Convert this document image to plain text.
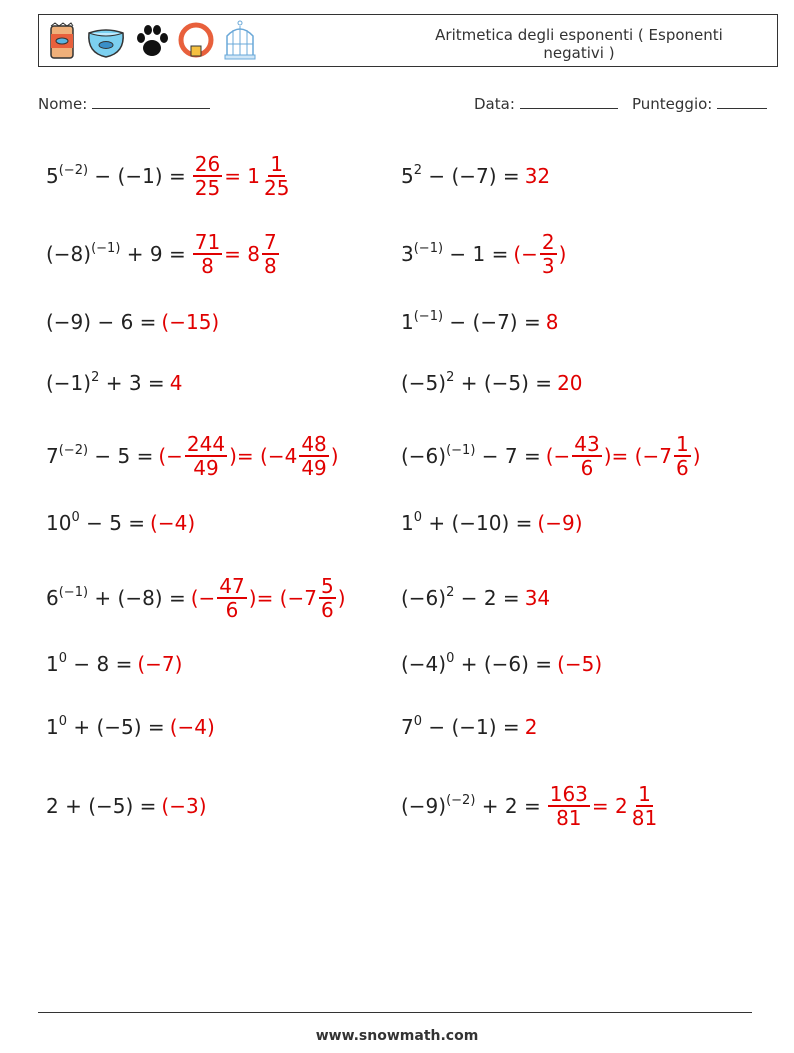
Aritmetica degli esponenti ( Esponenti negativi )
Nome:	Data:	Punteggio:
$5^{(-2)} - (-1) = \frac{26}{25} = 1 \frac{1}{25}$	$5^2 - (-7) = 32$
$(-8)^{(-1)} + 9 = \frac{71}{8} = 8 \frac{7}{8}$	$3^{(-1)} - 1$ = (− $\frac{2}{3}$ )
(−9) − 6 = (−15)	$1^{(-1)} - (-7) = 8$
$(-1)^2 + 3 = 4$	$(-5)^2 + (-5) = 20$
$7^{(-2)} - 5$ = (− $\frac{244}{49}$ ) = ($-4 \frac{48}{49}$ )	$(-6)^{(-1)} - 7$ = (− $\frac{43}{6}$ ) = ($-7 \frac{1}{6}$ )
$10^0 - 5 = (-4)$	$1^0 + (-10) = (-9)$
$6^{(-1)} + (-8)$ = (− $\frac{47}{6}$ ) = ($-7 \frac{5}{6}$ )	$(-6)^2 - 2 = 34$
$1^0 - 8 = (-7)$	$(-4)^0 + (-6) = (-5)$
$1^0 + (-5) = (-4)$	$7^0 - (-1) = 2$
2 + (−5) = (−3)	$(-9)^{(-2)} + 2 = \frac{163}{81} = 2 \frac{1}{81}$
www.snowmath.com
